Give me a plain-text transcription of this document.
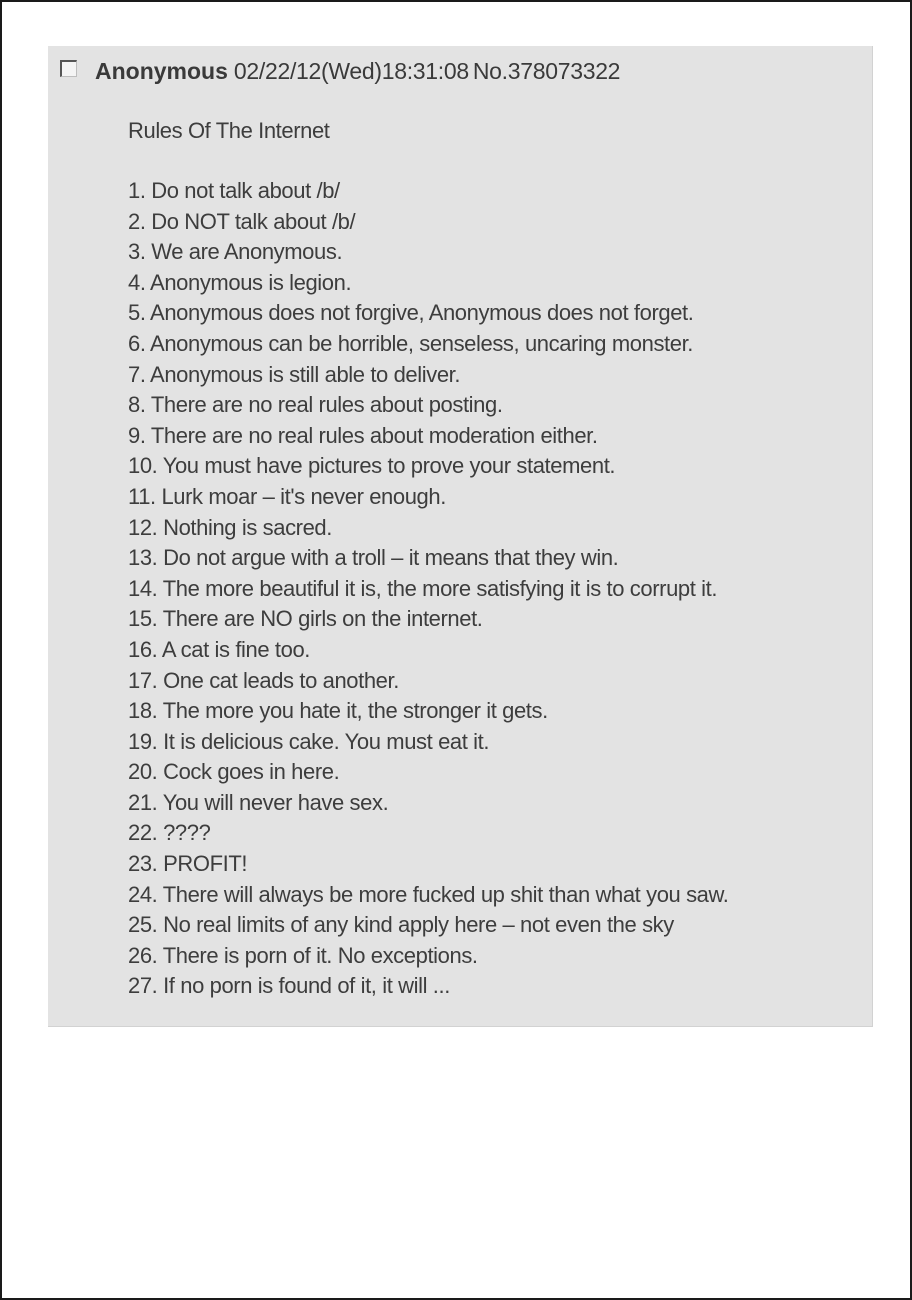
Anonymous 02/22/12(Wed)18:31:08 No.378073322
Rules Of The Internet
1. Do not talk about /b/
2. Do NOT talk about /b/
3. We are Anonymous.
4. Anonymous is legion.
5. Anonymous does not forgive, Anonymous does not forget.
6. Anonymous can be horrible, senseless, uncaring monster.
7. Anonymous is still able to deliver.
8. There are no real rules about posting.
9. There are no real rules about moderation either.
10. You must have pictures to prove your statement.
11. Lurk moar – it's never enough.
12. Nothing is sacred.
13. Do not argue with a troll – it means that they win.
14. The more beautiful it is, the more satisfying it is to corrupt it.
15. There are NO girls on the internet.
16. A cat is fine too.
17. One cat leads to another.
18. The more you hate it, the stronger it gets.
19. It is delicious cake. You must eat it.
20. Cock goes in here.
21. You will never have sex.
22. ????
23. PROFIT!
24. There will always be more fucked up shit than what you saw.
25. No real limits of any kind apply here – not even the sky
26. There is porn of it. No exceptions.
27. If no porn is found of it, it will ...
